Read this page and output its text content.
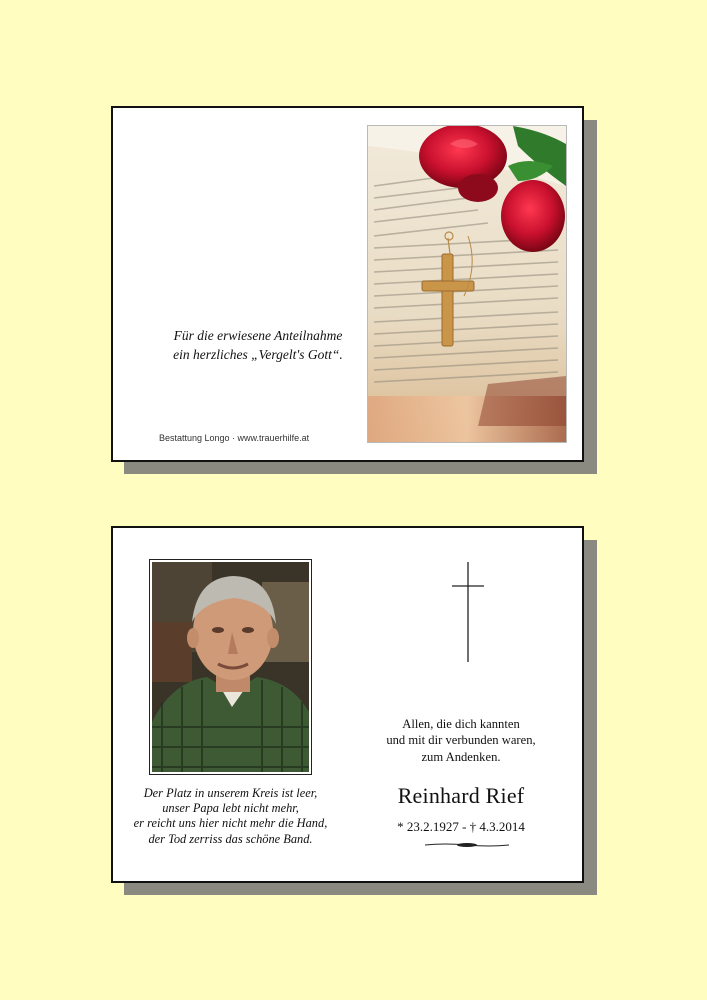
Für die erwiesene Anteilnahme
ein herzliches „Vergelt's Gott“.
Bestattung Longo · www.trauerhilfe.at
Der Platz in unserem Kreis ist leer,
unser Papa lebt nicht mehr,
er reicht uns hier nicht mehr die Hand,
der Tod zerriss das schöne Band.
Allen, die dich kannten
und mit dir verbunden waren,
zum Andenken.
Reinhard Rief
* 23.2.1927 - † 4.3.2014
